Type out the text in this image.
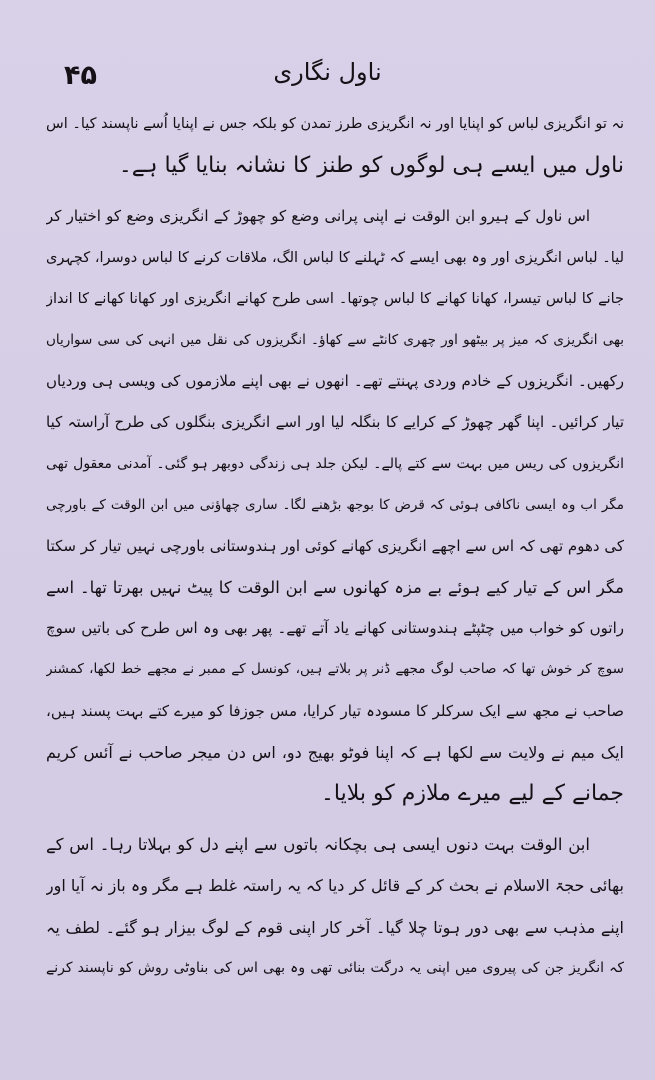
۴۵	ناول نگاری
نہ تو انگریزی لباس کو اپنایا اور نہ انگریزی طرز تمدن کو بلکہ جس نے اپنایا اُسے ناپسند کیا۔ اس
ناول میں ایسے ہی لوگوں کو طنز کا نشانہ بنایا گیا ہے۔
اس ناول کے ہیرو ابن الوقت نے اپنی پرانی وضع کو چھوڑ کے انگریزی وضع کو اختیار کر
لیا۔ لباس انگریزی اور وہ بھی ایسے کہ ٹہلنے کا لباس الگ، ملاقات کرنے کا لباس دوسرا، کچہری
جانے کا لباس تیسرا، کھانا کھانے کا لباس چوتھا۔ اسی طرح کھانے انگریزی اور کھانا کھانے کا انداز
بھی انگریزی کہ میز پر بیٹھو اور چھری کانٹے سے کھاؤ۔ انگریزوں کی نقل میں انہی کی سی سواریاں
رکھیں۔ انگریزوں کے خادم وردی پہنتے تھے۔ انھوں نے بھی اپنے ملازموں کی ویسی ہی وردیاں
تیار کرائیں۔ اپنا گھر چھوڑ کے کرایے کا بنگلہ لیا اور اسے انگریزی بنگلوں کی طرح آراستہ کیا
انگریزوں کی ریس میں بہت سے کتے پالے۔ لیکن جلد ہی زندگی دوبھر ہو گئی۔ آمدنی معقول تھی
مگر اب وہ ایسی ناکافی ہوئی کہ قرض کا بوجھ بڑھنے لگا۔ ساری چھاؤنی میں ابن الوقت کے باورچی
کی دھوم تھی کہ اس سے اچھے انگریزی کھانے کوئی اور ہندوستانی باورچی نہیں تیار کر سکتا
مگر اس کے تیار کیے ہوئے بے مزہ کھانوں سے ابن الوقت کا پیٹ نہیں بھرتا تھا۔ اسے
راتوں کو خواب میں چٹپٹے ہندوستانی کھانے یاد آتے تھے۔ پھر بھی وہ اس طرح کی باتیں سوچ
سوچ کر خوش تھا کہ صاحب لوگ مجھے ڈنر پر بلاتے ہیں، کونسل کے ممبر نے مجھے خط لکھا، کمشنر
صاحب نے مجھ سے ایک سرکلر کا مسودہ تیار کرایا، مس جوزفا کو میرے کتے بہت پسند ہیں،
ایک میم نے ولایت سے لکھا ہے کہ اپنا فوٹو بھیج دو، اس دن میجر صاحب نے آئس کریم
جمانے کے لیے میرے ملازم کو بلایا۔
ابن الوقت بہت دنوں ایسی ہی بچکانہ باتوں سے اپنے دل کو بہلاتا رہا۔ اس کے
بھائی حجۃ الاسلام نے بحث کر کے قائل کر دیا کہ یہ راستہ غلط ہے مگر وہ باز نہ آیا اور
اپنے مذہب سے بھی دور ہوتا چلا گیا۔ آخر کار اپنی قوم کے لوگ بیزار ہو گئے۔ لطف یہ
کہ انگریز جن کی پیروی میں اپنی یہ درگت بنائی تھی وہ بھی اس کی بناوٹی روش کو ناپسند کرنے
